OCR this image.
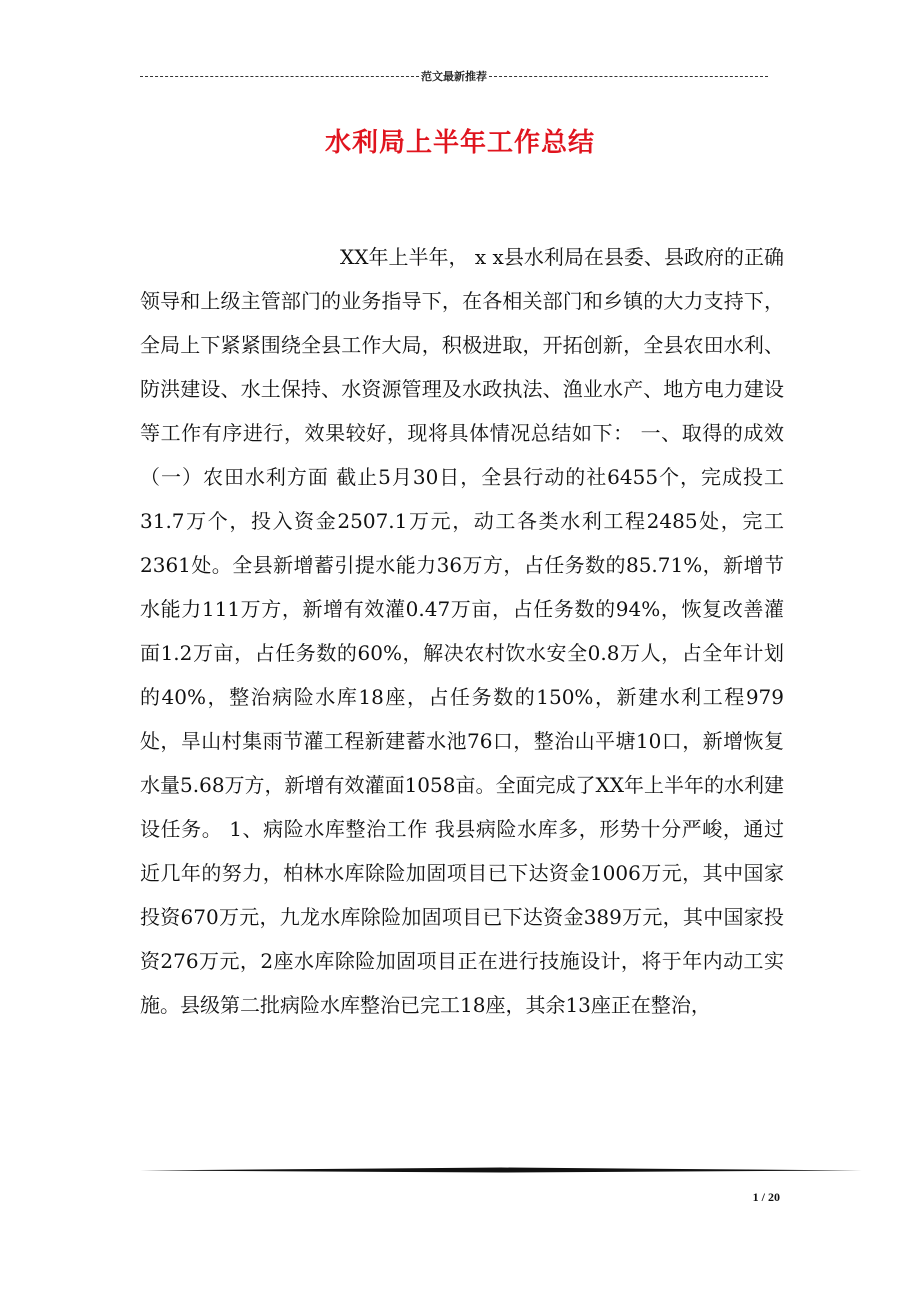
范文最新推荐
水利局上半年工作总结

XX年上半年， x x县水利局在县委、县政府的正确领导和上级主管部门的业务指导下，在各相关部门和乡镇的大力支持下，全局上下紧紧围绕全县工作大局，积极进取，开拓创新，全县农田水利、防洪建设、水土保持、水资源管理及水政执法、渔业水产、地方电力建设等工作有序进行，效果较好，现将具体情况总结如下： 一、取得的成效 （一）农田水利方面 截止5月30日，全县行动的社6455个，完成投工31.7万个，投入资金2507.1万元，动工各类水利工程2485处，完工2361处。全县新增蓄引提水能力36万方，占任务数的85.71%，新增节水能力111万方，新增有效灌0.47万亩，占任务数的94%，恢复改善灌面1.2万亩，占任务数的60%，解决农村饮水安全0.8万人，占全年计划的40%，整治病险水库18座，占任务数的150%，新建水利工程979处，旱山村集雨节灌工程新建蓄水池76口，整治山平塘10口，新增恢复水量5.68万方，新增有效灌面1058亩。全面完成了XX年上半年的水利建设任务。 1、病险水库整治工作 我县病险水库多，形势十分严峻，通过近几年的努力，柏林水库除险加固项目已下达资金1006万元，其中国家投资670万元，九龙水库除险加固项目已下达资金389万元，其中国家投资276万元，2座水库除险加固项目正在进行技施设计，将于年内动工实施。县级第二批病险水库整治已完工18座，其余13座正在整治，

1 / 20
